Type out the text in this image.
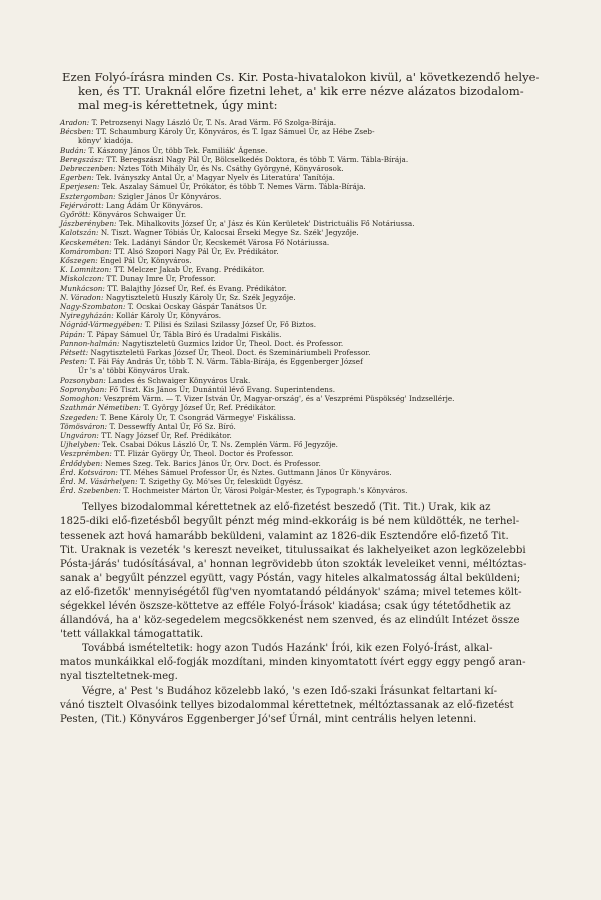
Ezen Folyó-írásra minden Cs. Kir. Posta-hivatalokon kivül, a' következendő helye-
ken, és TT. Uraknál előre fizetni lehet, a' kik erre nézve alázatos bizodalom-
mal meg-is kérettetnek, úgy mint:

Aradon: T. Petrozsenyi Nagy László Úr, T. Ns. Arad Várm. Fő Szolga-Bírája.
Bécsben: TT. Schaumburg Károly Úr, Könyváros, és T. Igaz Sámuel Úr, az Hébe Zseb-
könyv' kiadója.
Budán: T. Kászony János Úr, több Tek. Familiák' Ágense.
Beregszász: TT. Beregszászi Nagy Pál Úr, Bölcselkedés Doktora, és több T. Várm. Tábla-Bírája.
Debreczenben: Nztes Tóth Mihály Úr, és Ns. Csáthy Györgyné, Könyvárosok.
Egerben: Tek. Iványszky Antal Úr, a' Magyar Nyelv és Literatúra' Tanítója.
Eperjesen: Tek. Aszalay Sámuel Úr, Prókátor, és több T. Nemes Várm. Tábla-Bírája.
Esztergomban: Szigler János Úr Könyváros.
Fejérvárott: Lang Ádám Úr Könyváros.
Győrött: Könyváros Schwaiger Úr.
Jászberényben: Tek. Mihalkovits József Úr, a' Jász és Kún Kerületek' Districtuális Fő Notáriussa.
Kalotszán: N. Tiszt. Wagner Tóbiás Úr, Kalocsai Érseki Megye Sz. Szék' Jegyzője.
Kecskeméten: Tek. Ladányi Sándor Úr, Kecskemét Városa Fő Notáriussa.
Komáromban: TT. Alsó Szopori Nagy Pál Úr, Ev. Prédikátor.
Kőszegen: Engel Pál Úr, Könyváros.
K. Lomnitzon: TT. Melczer Jakab Úr, Evang. Prédikátor.
Miskolczon: TT. Dunay Imre Úr, Professor.
Munkácson: TT. Balajthy József Úr, Ref. és Evang. Prédikátor.
N. Váradon: Nagytiszteletü Huszly Károly Úr, Sz. Szék Jegyzője.
Nagy-Szombaton: T. Ocskai Ocskay Gáspár Tanátsos Úr.
Nyiregyházán: Kollár Károly Úr, Könyváros.
Nógrád-Vármegyében: T. Pilisi és Szilasi Szilassy József Úr, Fő Biztos.
Pápán: T. Pápay Sámuel Úr, Tábla Bíró és Uradalmi Fiskális.
Pannon-halmán: Nagytiszteletü Guzmics Izidor Úr, Theol. Doct. és Professor.
Pétsett: Nagytiszteletü Farkas József Úr, Theol. Doct. és Szemináriumbeli Professor.
Pesten: T. Fái Fáy András Úr, több T. N. Várm. Tábla-Bírája, és Eggenberger József
Úr 's a' többi Könyváros Urak.
Pozsonyban: Landes és Schwaiger Könyváros Urak.
Sopronyban: Fő Tiszt. Kis János Úr, Dunántúl lévő Evang. Superintendens.
Somoghon: Veszprém Várm. — T. Vizer István Úr, Magyar-ország', és a' Veszprémi Püspökség' Indzsellérje.
Szathmár Németiben: T. György József Úr, Ref. Prédikátor.
Szegeden: T. Bene Károly Úr, T. Csongrád Vármegye' Fiskálissa.
Tömösváron: T. Dessewffy Antal Úr, Fő Sz. Bíró.
Ungváron: TT. Nagy József Úr, Ref. Prédikátor.
Ujhelyben: Tek. Csabai Dókus László Úr, T. Ns. Zemplén Várm. Fő Jegyzője.
Veszprémben: TT. Flizár György Úr, Theol. Doctor és Professor.
Érdődyben: Nemes Szeg. Tek. Barics János Úr, Orv. Doct. és Professor.
Érd. Kotsváron: TT. Méhes Sámuel Professor Úr, és Nztes. Guttmann János Úr Könyváros.
Érd. M. Vásárhelyen: T. Szigethy Gy. Mó'ses Úr, felesküdt Ügyész.
Érd. Szebenben: T. Hochmeister Márton Úr, Városi Polgár-Mester, és Typograph.'s Könyváros.

Tellyes bizodalommal kérettetnek az elő-fizetést beszedő (Tit. Tit.) Urak, kik az
1825-diki elő-fizetésből begyűlt pénzt még mind-ekkoráig is bé nem küldötték, ne terhel-
tessenek azt hová hamarább beküldeni, valamint az 1826-dik Esztendőre elő-fizető Tit.
Tit. Uraknak is vezeték 's kereszt neveiket, titulussaikat és lakhelyeiket azon legközelebbi
Pósta-járás' tudósításával, a' honnan legrövidebb úton szokták leveleiket venni, méltóztas-
sanak a' begyűlt pénzzel együtt, vagy Póstán, vagy hiteles alkalmatosság által beküldeni;
az elő-fizetők' mennyiségétől füg'ven nyomtatandó példányok' száma; mivel tetemes költ-
ségekkel lévén öszsze-köttetve az efféle Folyó-Írások' kiadása; csak úgy tétetődhetik az
állandóvá, ha a' köz-segedelem megcsökkenést nem szenved, és az elindúlt Intézet össze
'tett vállakkal támogattatik.

Továbbá ismételtetik: hogy azon Tudós Hazánk' Írói, kik ezen Folyó-Írást, alkal-
matos munkáikkal elő-fogják mozdítani, minden kinyomtatott ívért eggy eggy pengő aran-
nyal tiszteltetnek-meg.

Végre, a' Pest 's Budához közelebb lakó, 's ezen Idő-szaki Írásunkat feltartani kí-
vánó tisztelt Olvasóink tellyes bizodalommal kérettetnek, méltóztassanak az elő-fizetést
Pesten, (Tit.) Könyváros Eggenberger Jó'sef Úrnál, mint centrális helyen letenni.
